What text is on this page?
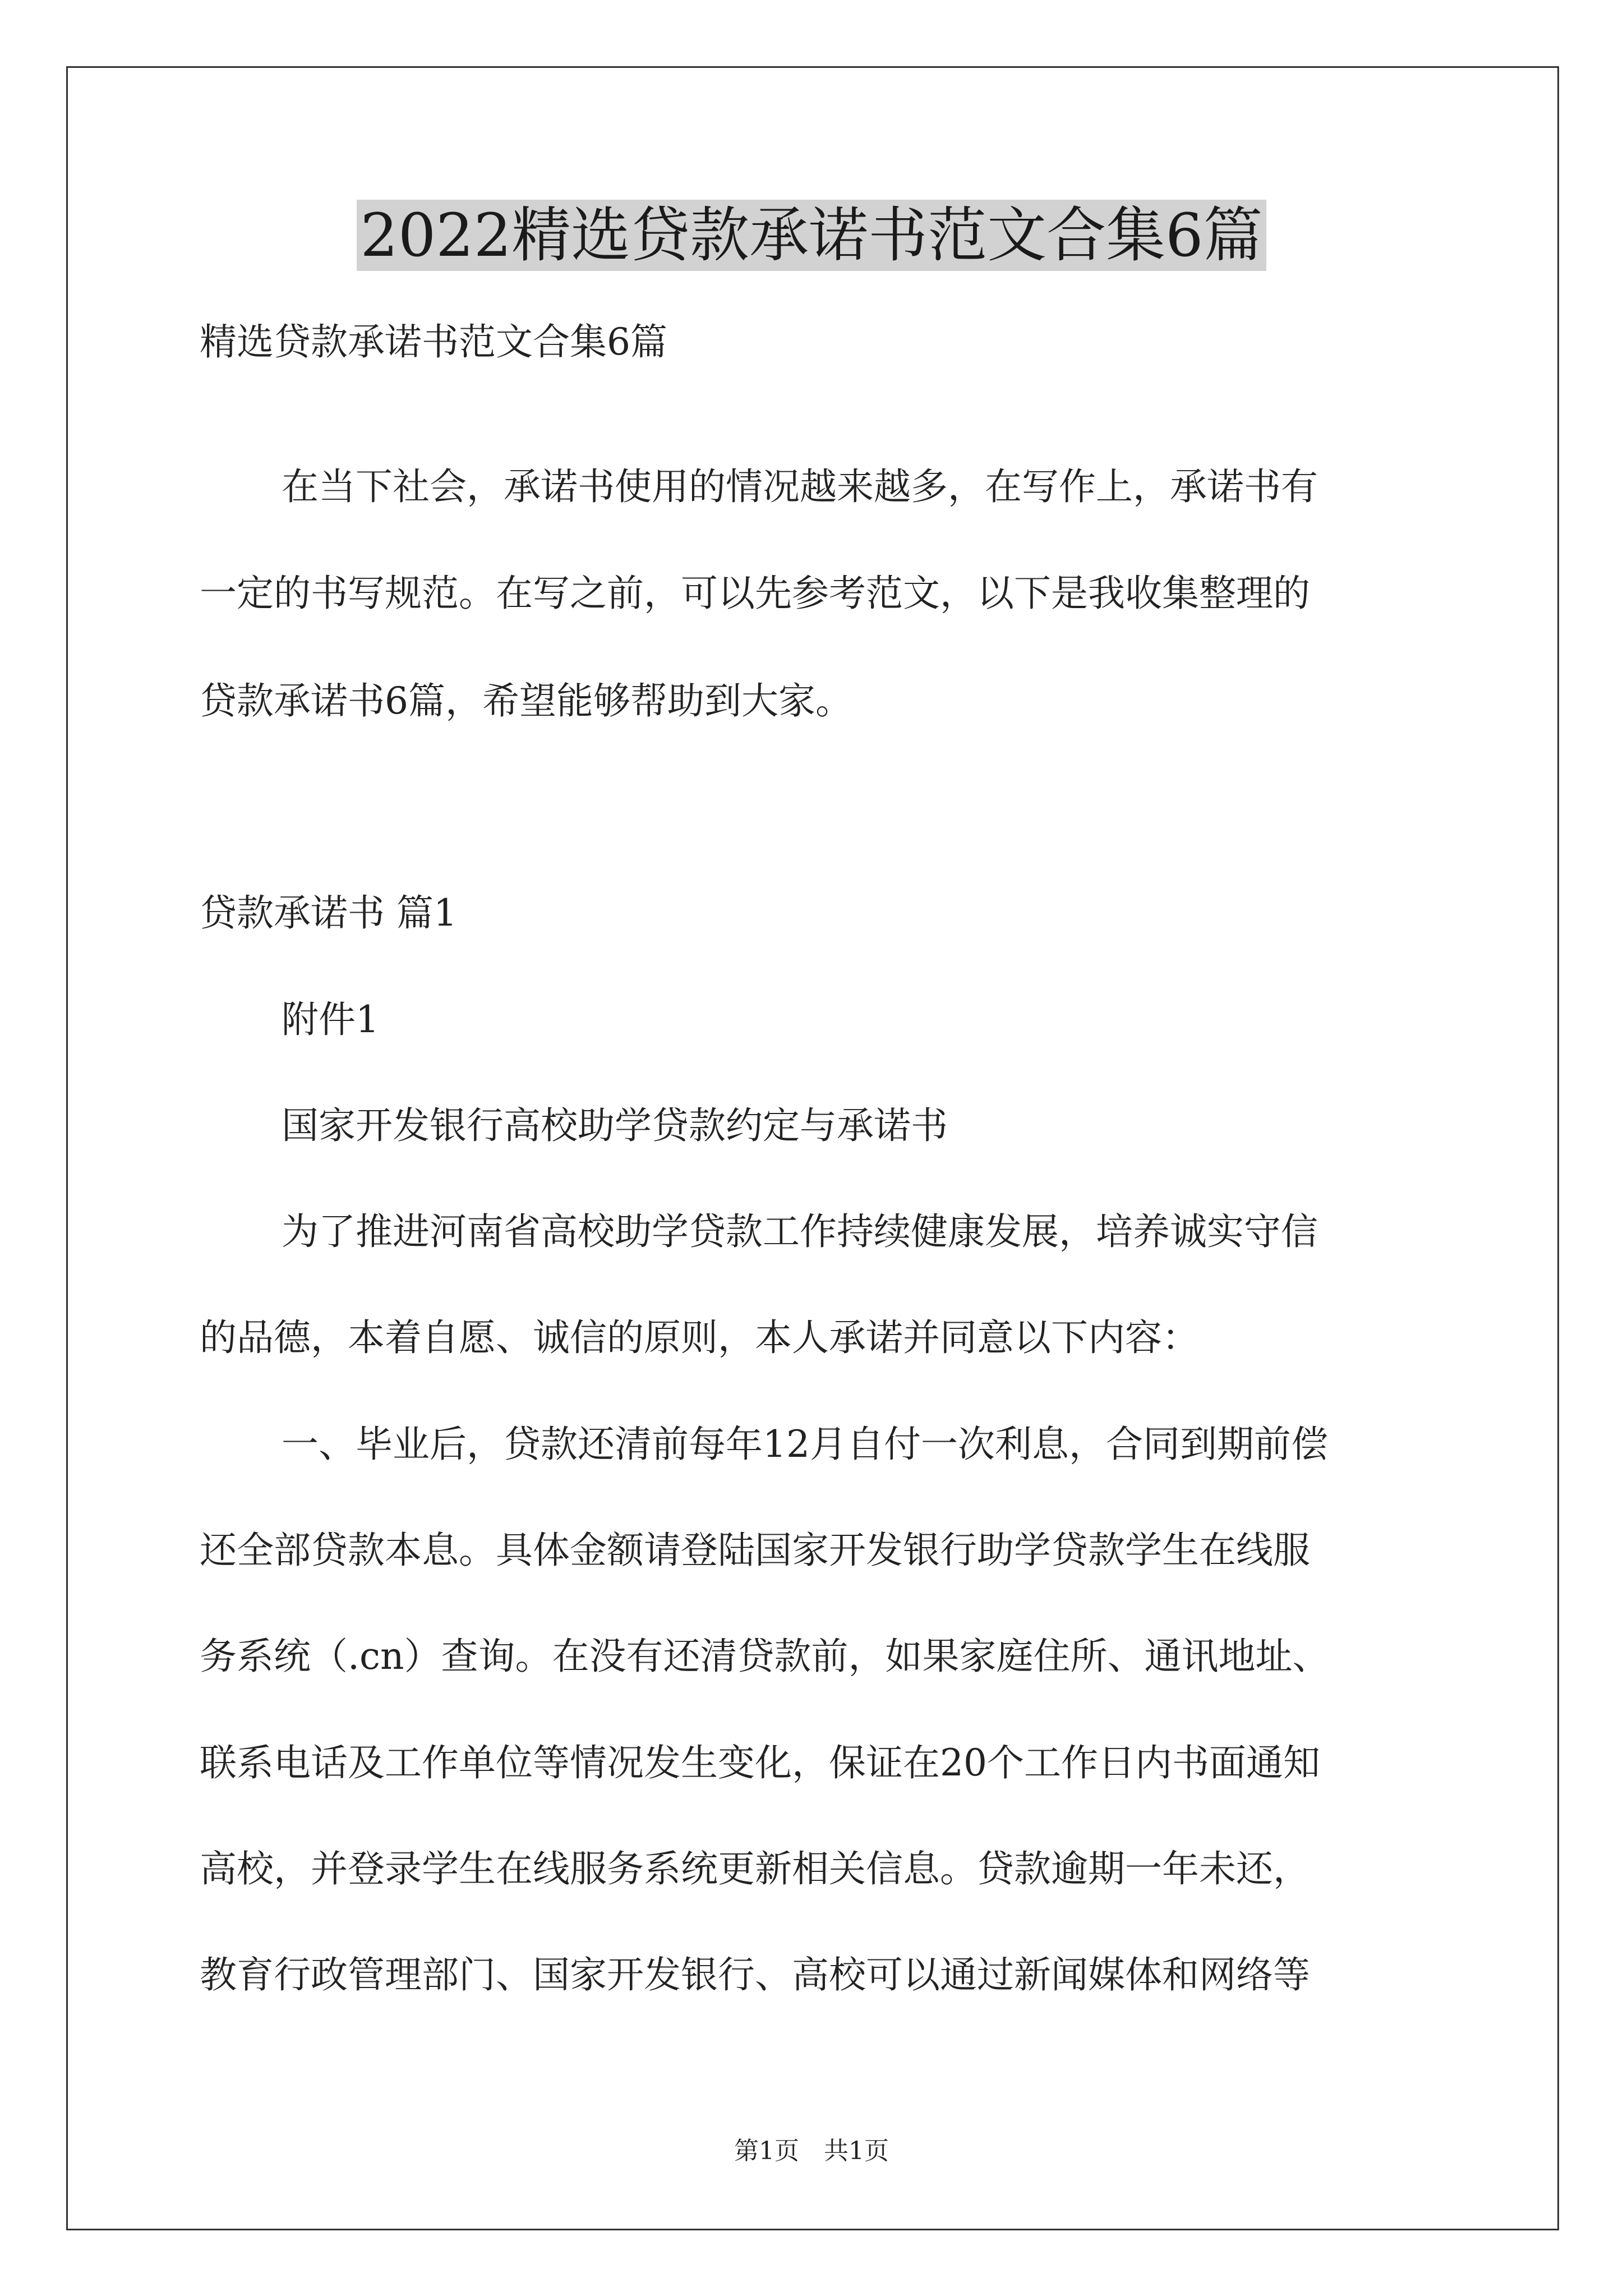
2022精选贷款承诺书范文合集6篇
精选贷款承诺书范文合集6篇
在当下社会，承诺书使用的情况越来越多，在写作上，承诺书有
一定的书写规范。在写之前，可以先参考范文，以下是我收集整理的
贷款承诺书6篇，希望能够帮助到大家。
贷款承诺书 篇1
附件1
国家开发银行高校助学贷款约定与承诺书
为了推进河南省高校助学贷款工作持续健康发展，培养诚实守信
的品德，本着自愿、诚信的原则，本人承诺并同意以下内容：
一、毕业后，贷款还清前每年12月自付一次利息，合同到期前偿
还全部贷款本息。具体金额请登陆国家开发银行助学贷款学生在线服
务系统（.cn）查询。在没有还清贷款前，如果家庭住所、通讯地址、
联系电话及工作单位等情况发生变化，保证在20个工作日内书面通知
高校，并登录学生在线服务系统更新相关信息。贷款逾期一年未还，
教育行政管理部门、国家开发银行、高校可以通过新闻媒体和网络等
第1页 共1页
